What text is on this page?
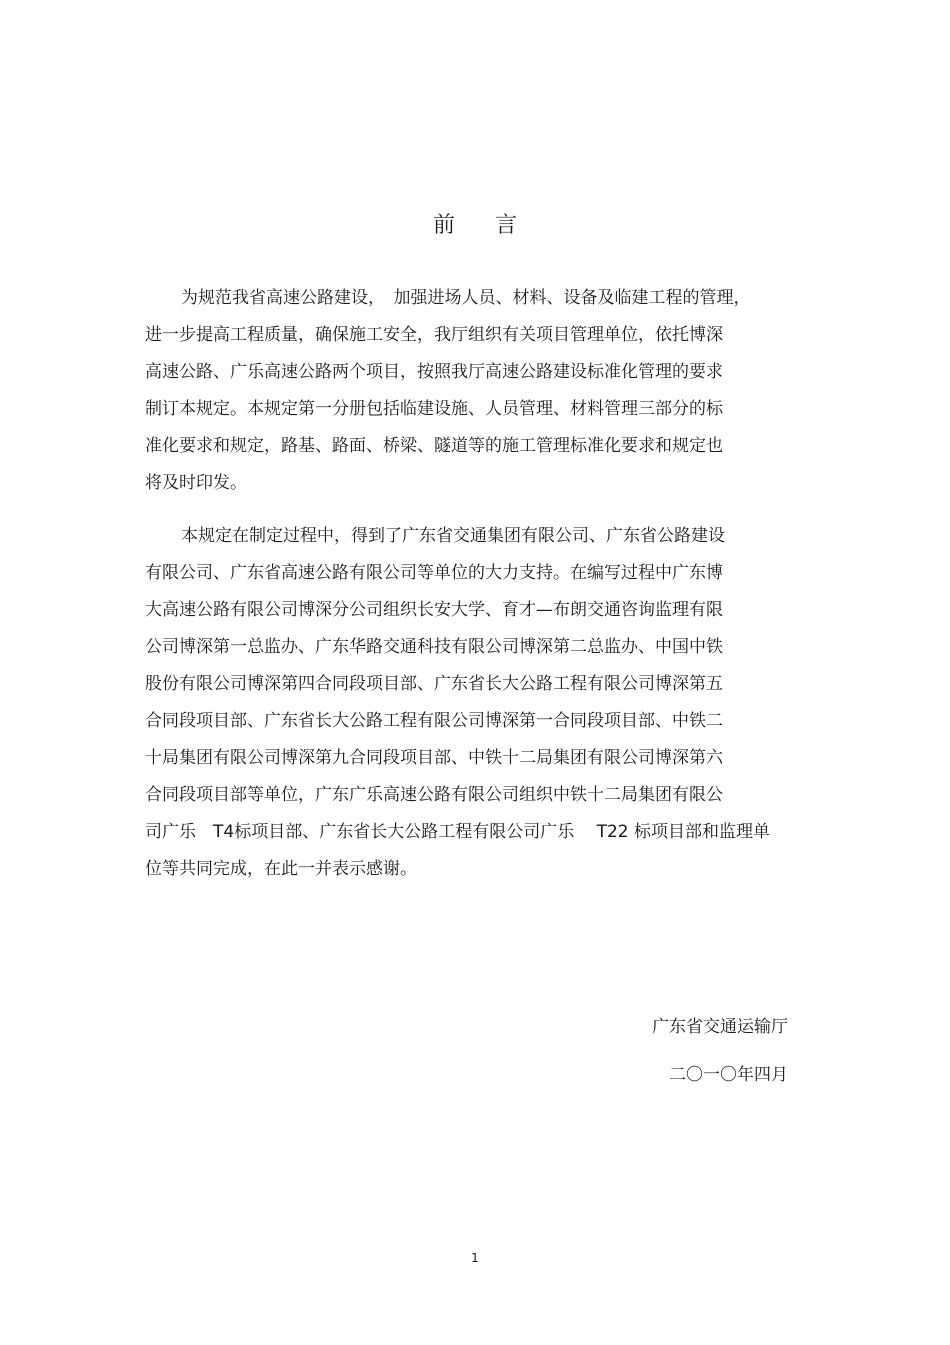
前 言
为规范我省高速公路建设，　加强进场人员、材料、设备及临建工程的管理，
进一步提高工程质量，确保施工安全，我厅组织有关项目管理单位，依托博深
高速公路、广乐高速公路两个项目，按照我厅高速公路建设标准化管理的要求
制订本规定。本规定第一分册包括临建设施、人员管理、材料管理三部分的标
准化要求和规定，路基、路面、桥梁、隧道等的施工管理标准化要求和规定也
将及时印发。
本规定在制定过程中，得到了广东省交通集团有限公司、广东省公路建设
有限公司、广东省高速公路有限公司等单位的大力支持。在编写过程中广东博
大高速公路有限公司博深分公司组织长安大学、育才—布朗交通咨询监理有限
公司博深第一总监办、广东华路交通科技有限公司博深第二总监办、中国中铁
股份有限公司博深第四合同段项目部、广东省长大公路工程有限公司博深第五
合同段项目部、广东省长大公路工程有限公司博深第一合同段项目部、中铁二
十局集团有限公司博深第九合同段项目部、中铁十二局集团有限公司博深第六
合同段项目部等单位，广东广乐高速公路有限公司组织中铁十二局集团有限公
司广乐　T4标项目部、广东省长大公路工程有限公司广乐　 T22 标项目部和监理单
位等共同完成，在此一并表示感谢。
广东省交通运输厅
二〇一〇年四月
1
